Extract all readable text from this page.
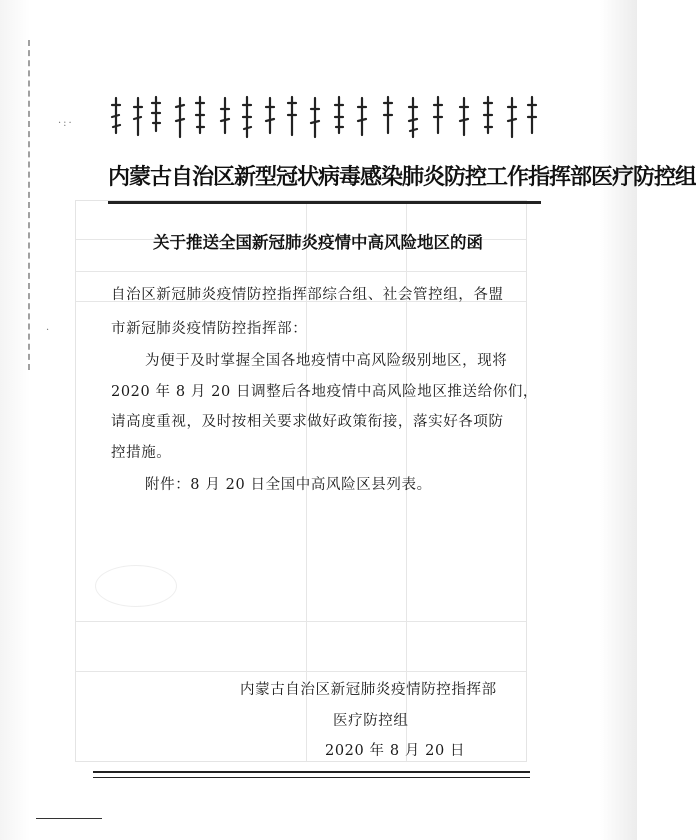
·:·
·
内蒙古自治区新型冠状病毒感染肺炎防控工作指挥部医疗防控组
关于推送全国新冠肺炎疫情中高风险地区的函
自治区新冠肺炎疫情防控指挥部综合组、社会管控组，各盟
市新冠肺炎疫情防控指挥部：
为便于及时掌握全国各地疫情中高风险级别地区，现将
2020 年 8 月 20 日调整后各地疫情中高风险地区推送给你们，
请高度重视，及时按相关要求做好政策衔接，落实好各项防
控措施。
附件：8 月 20 日全国中高风险区县列表。
内蒙古自治区新冠肺炎疫情防控指挥部
医疗防控组
2020 年 8 月 20 日
